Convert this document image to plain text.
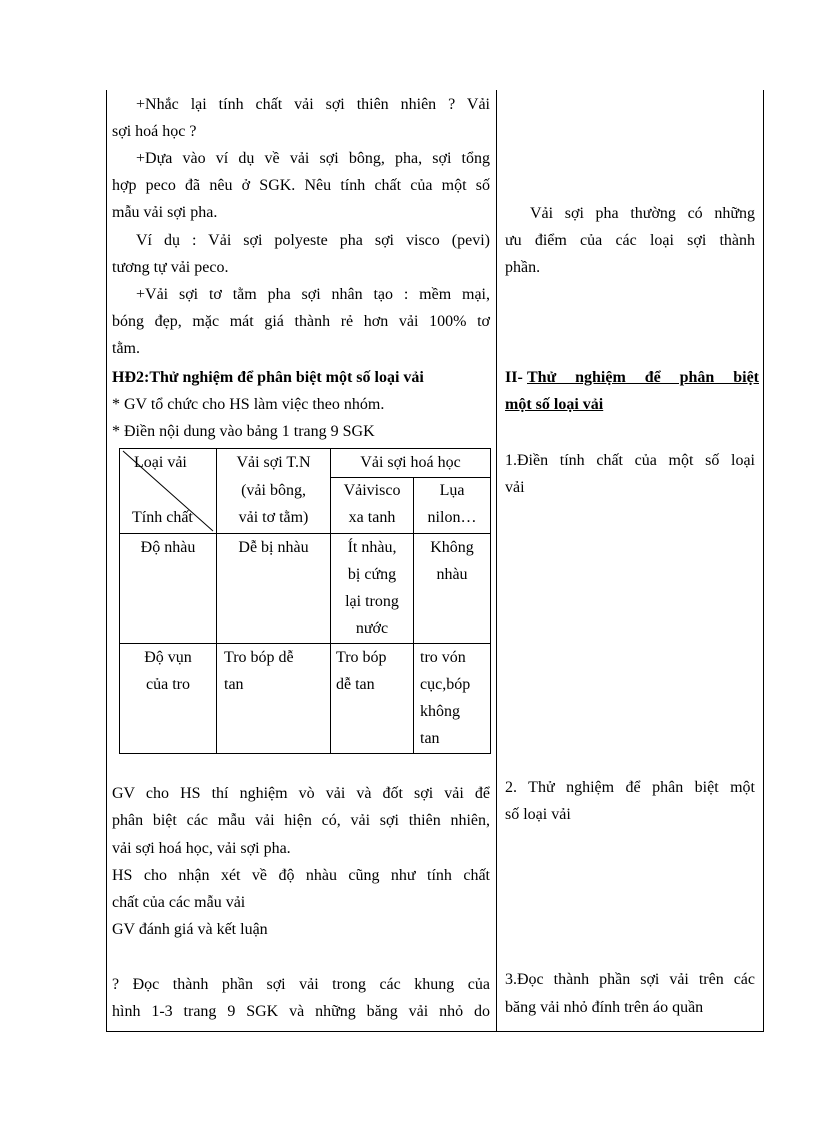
+Nhắc lại tính chất vải sợi thiên nhiên ? Vải
sợi hoá học ?
+Dựa vào ví dụ về vải sợi bông, pha, sợi tổng
hợp peco đã nêu ở SGK. Nêu tính chất của một số
mẫu vải sợi pha.
Ví dụ : Vải sợi polyeste pha sợi visco (pevi)
tương tự vải peco.
+Vải sợi tơ tằm pha sợi nhân tạo : mềm mại,
bóng đẹp, mặc mát giá thành rẻ hơn vải 100% tơ
tằm.
HĐ2:Thử nghiệm để phân biệt một số loại vải
* GV tổ chức cho HS làm việc theo nhóm.
* Điền nội dung vào bảng 1 trang 9 SGK
GV cho HS thí nghiệm vò vải và đốt sợi vải để
phân biệt các mẫu vải hiện có, vải sợi thiên nhiên,
vải sợi hoá học, vải sợi pha.
HS cho nhận xét về độ nhàu cũng như tính chất
chất của các mẫu vải
GV đánh giá và kết luận
? Đọc thành phần sợi vải trong các khung của
hình 1-3 trang 9 SGK và những băng vải nhỏ do
Vải sợi pha thường có những
ưu điểm của các loại sợi thành
phần.
II- Thử nghiệm để phân biệt
một số loại vải
1.Điền tính chất của một số loại
vải
2. Thử nghiệm để phân biệt một
số loại vải
3.Đọc thành phần sợi vải trên các
băng vải nhỏ đính trên áo quần
Loại vải
Tính chất
Vải sợi T.N
(vải bông,
vải tơ tằm)
Vải sợi hoá học
Vảivisco
xa tanh
Lụa
nilon…
Độ nhàu	Dễ bị nhàu	Ít nhàu,
bị cứng
lại trong
nước
Không
nhàu
Độ vụn
của tro
Tro bóp dễ
tan
Tro bóp
dễ tan
tro vón
cục,bóp
không
tan
